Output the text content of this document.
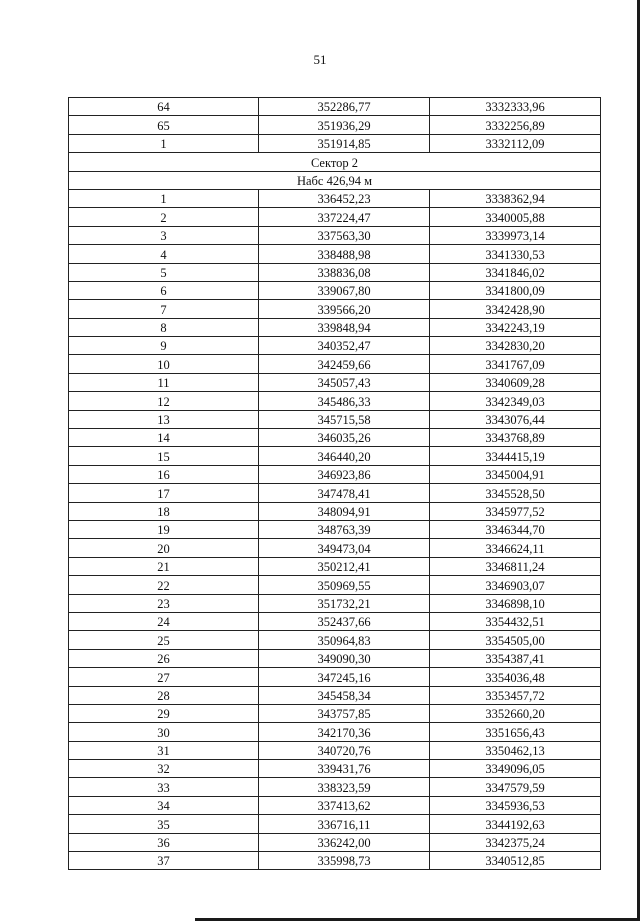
51
64	352286,77	3332333,96
65	351936,29	3332256,89
1	351914,85	3332112,09
Сектор 2		
Набс 426,94 м		
1	336452,23	3338362,94
2	337224,47	3340005,88
3	337563,30	3339973,14
4	338488,98	3341330,53
5	338836,08	3341846,02
6	339067,80	3341800,09
7	339566,20	3342428,90
8	339848,94	3342243,19
9	340352,47	3342830,20
10	342459,66	3341767,09
11	345057,43	3340609,28
12	345486,33	3342349,03
13	345715,58	3343076,44
14	346035,26	3343768,89
15	346440,20	3344415,19
16	346923,86	3345004,91
17	347478,41	3345528,50
18	348094,91	3345977,52
19	348763,39	3346344,70
20	349473,04	3346624,11
21	350212,41	3346811,24
22	350969,55	3346903,07
23	351732,21	3346898,10
24	352437,66	3354432,51
25	350964,83	3354505,00
26	349090,30	3354387,41
27	347245,16	3354036,48
28	345458,34	3353457,72
29	343757,85	3352660,20
30	342170,36	3351656,43
31	340720,76	3350462,13
32	339431,76	3349096,05
33	338323,59	3347579,59
34	337413,62	3345936,53
35	336716,11	3344192,63
36	336242,00	3342375,24
37	335998,73	3340512,85
